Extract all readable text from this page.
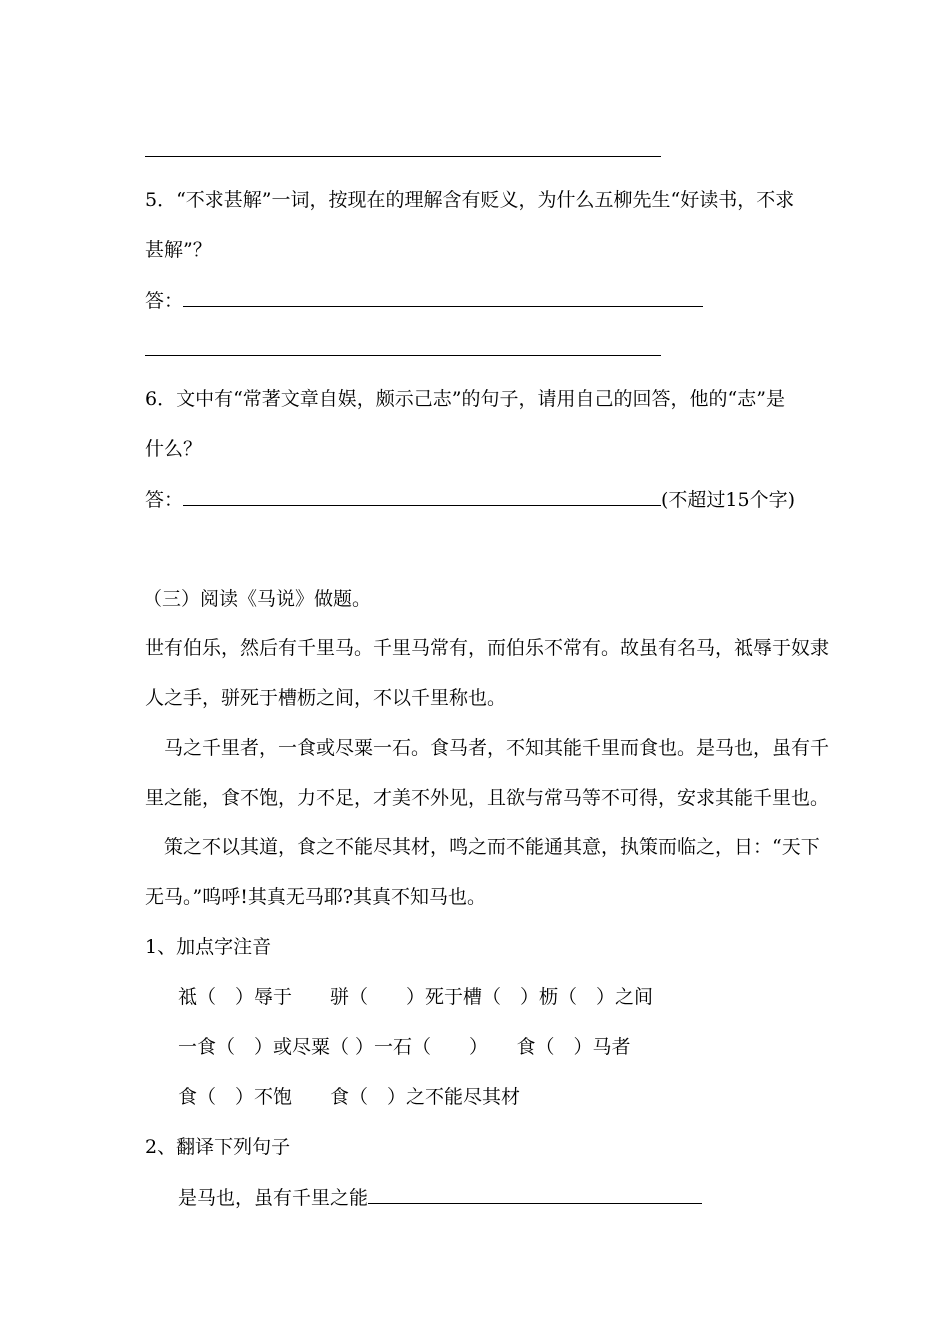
5．“不求甚解”一词，按现在的理解含有贬义，为什么五柳先生“好读书，不求
甚解”？
答：
6．文中有“常著文章自娱，颇示己志”的句子，请用自己的回答，他的“志”是
什么？
答：	(不超过15个字)
（三）阅读《马说》做题。
世有伯乐，然后有千里马。千里马常有，而伯乐不常有。故虽有名马，祗辱于奴隶
人之手，骈死于槽枥之间，不以千里称也。
马之千里者，一食或尽粟一石。食马者，不知其能千里而食也。是马也，虽有千
里之能，食不饱，力不足，才美不外见，且欲与常马等不可得，安求其能千里也。
策之不以其道，食之不能尽其材，鸣之而不能通其意，执策而临之，日：“天下
无马。”呜呼!其真无马耶?其真不知马也。
1、加点字注音
祗（　）辱于　　骈（　　）死于槽（　）枥（　）之间
一食（　）或尽粟（ ）一石（　　）　　食（　）马者
食（　）不饱　　食（　）之不能尽其材
2、翻译下列句子
是马也，虽有千里之能
